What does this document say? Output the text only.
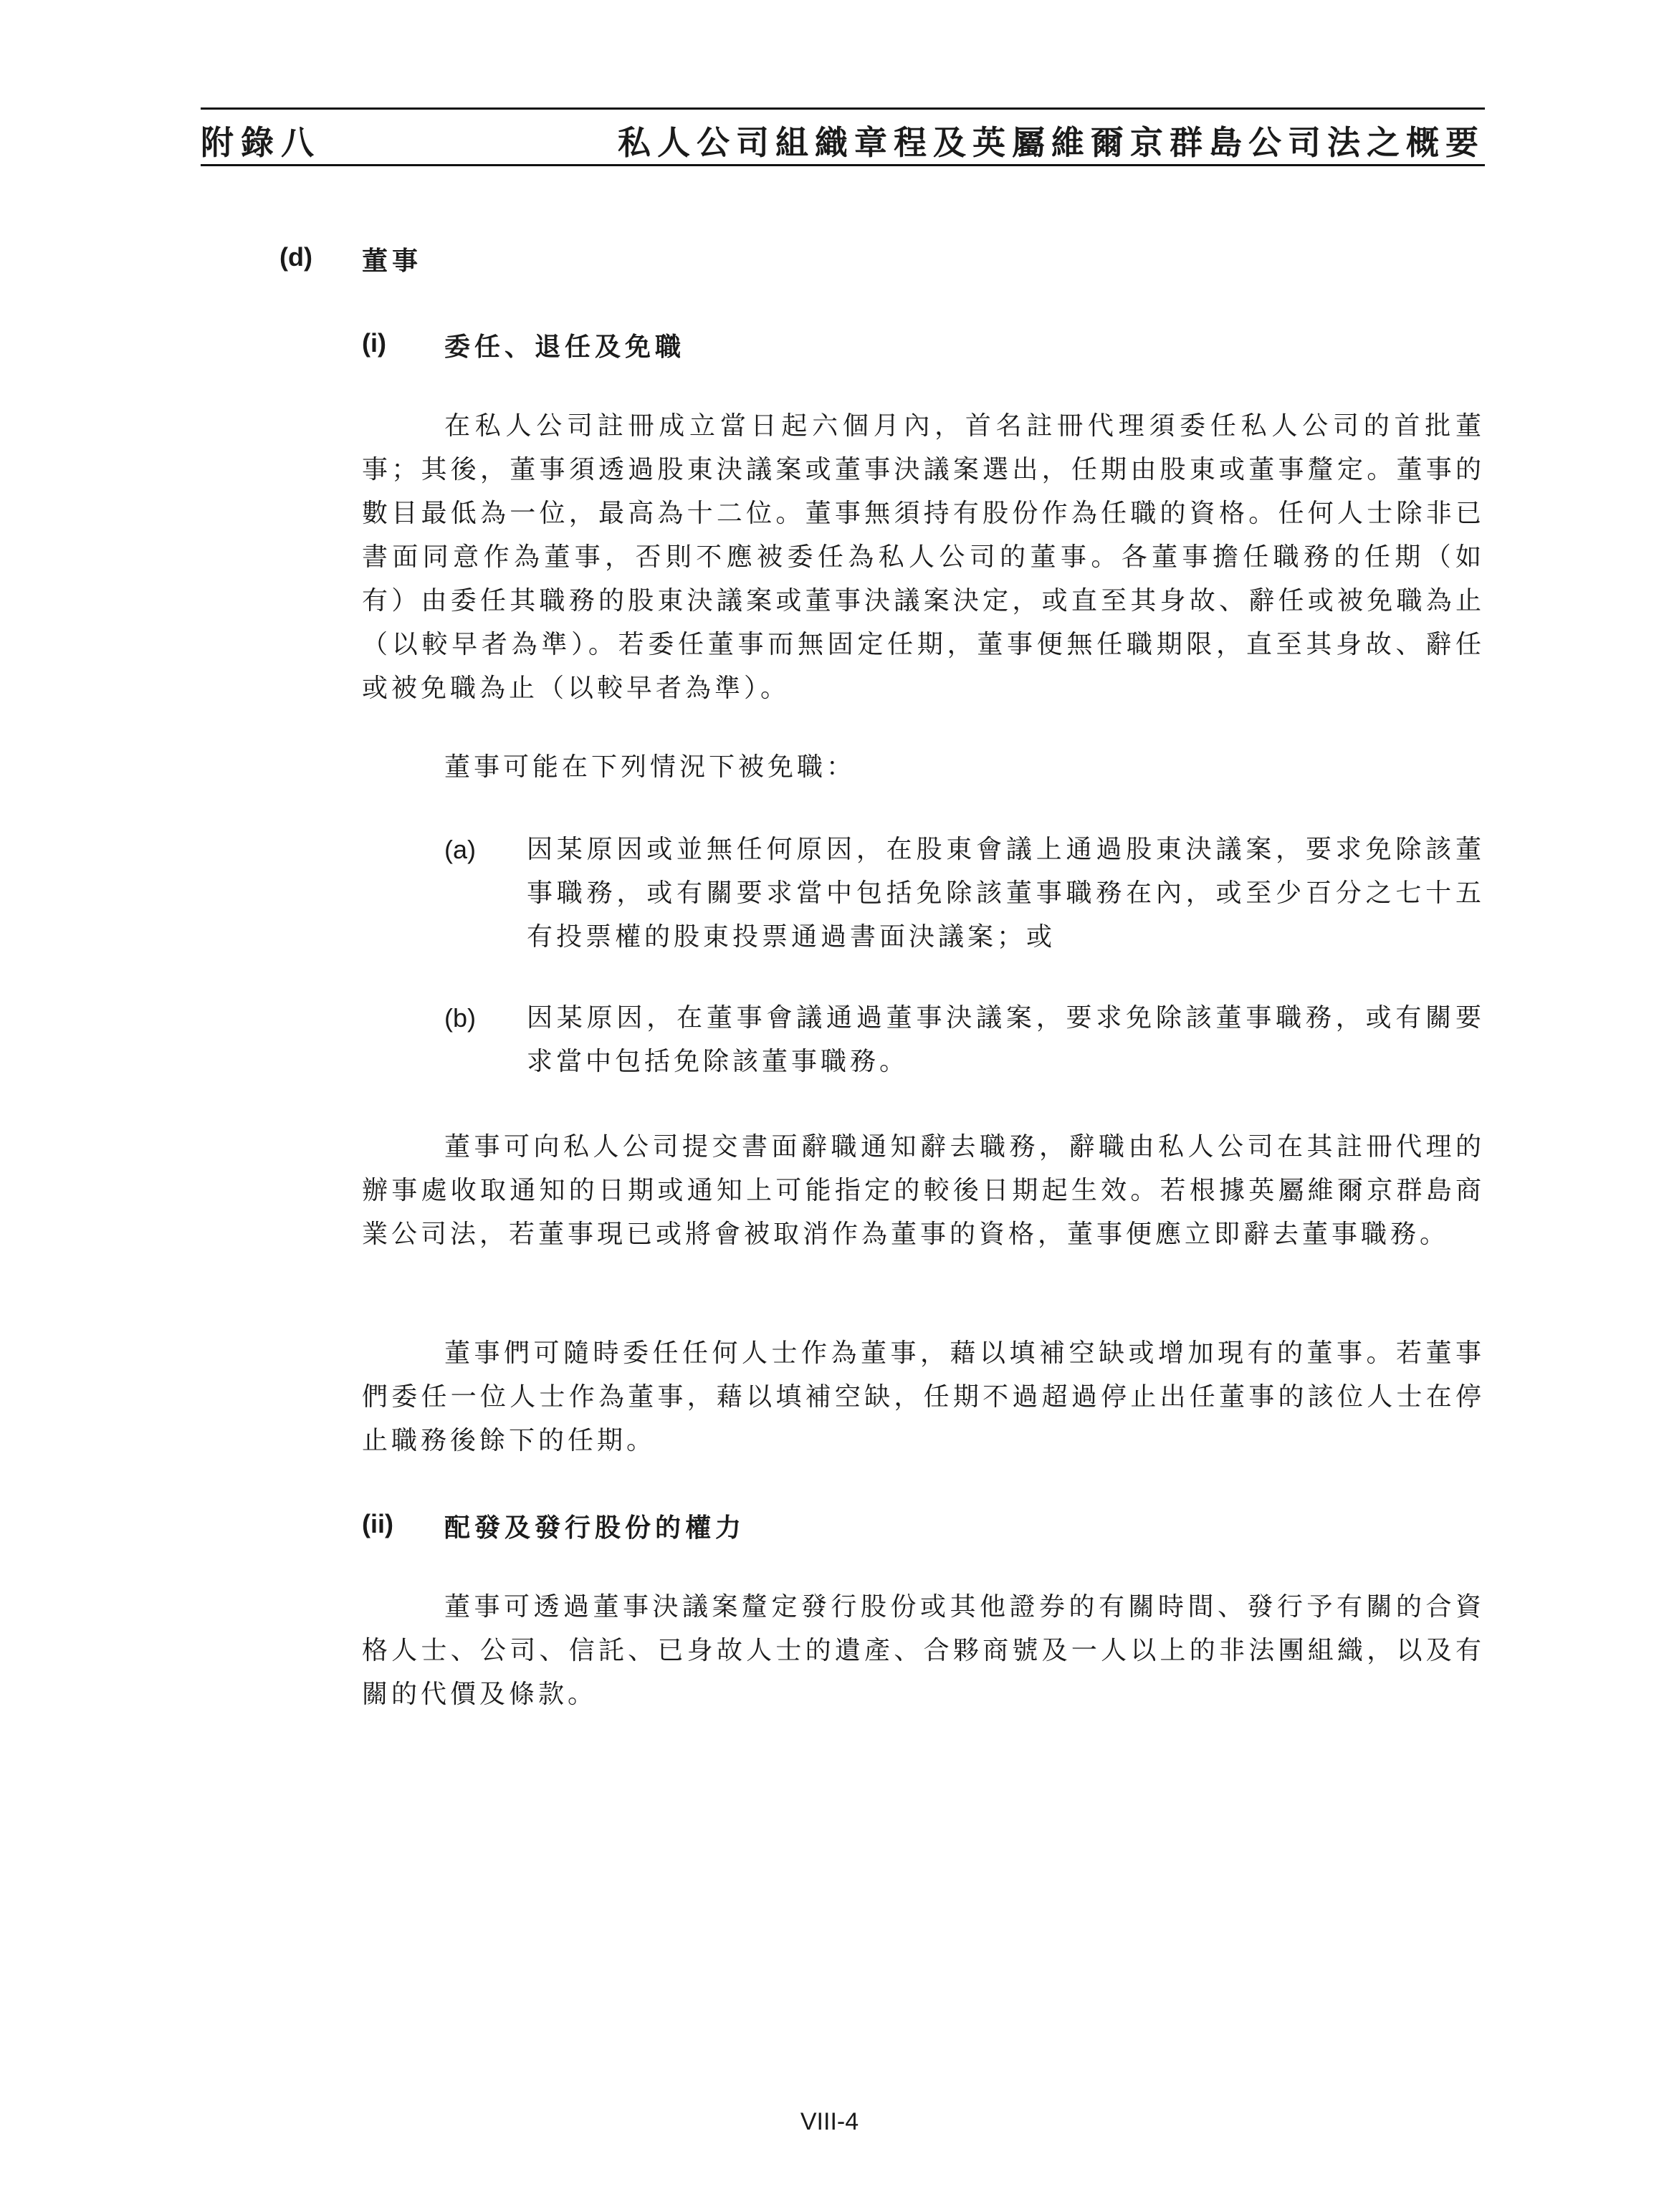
附錄八	私人公司組織章程及英屬維爾京群島公司法之概要
(d) 董事
(i) 委任、退任及免職

在私人公司註冊成立當日起六個月內，首名註冊代理須委任私人公司的首批董事；其後，董事須透過股東決議案或董事決議案選出，任期由股東或董事釐定。董事的數目最低為一位，最高為十二位。董事無須持有股份作為任職的資格。任何人士除非已書面同意作為董事，否則不應被委任為私人公司的董事。各董事擔任職務的任期（如有）由委任其職務的股東決議案或董事決議案決定，或直至其身故、辭任或被免職為止（以較早者為準）。若委任董事而無固定任期，董事便無任職期限，直至其身故、辭任或被免職為止（以較早者為準）。

董事可能在下列情況下被免職：

(a) 因某原因或並無任何原因，在股東會議上通過股東決議案，要求免除該董事職務，或有關要求當中包括免除該董事職務在內，或至少百分之七十五有投票權的股東投票通過書面決議案；或

(b) 因某原因，在董事會議通過董事決議案，要求免除該董事職務，或有關要求當中包括免除該董事職務。

董事可向私人公司提交書面辭職通知辭去職務，辭職由私人公司在其註冊代理的辦事處收取通知的日期或通知上可能指定的較後日期起生效。若根據英屬維爾京群島商業公司法，若董事現已或將會被取消作為董事的資格，董事便應立即辭去董事職務。

董事們可隨時委任任何人士作為董事，藉以填補空缺或增加現有的董事。若董事們委任一位人士作為董事，藉以填補空缺，任期不過超過停止出任董事的該位人士在停止職務後餘下的任期。

(ii) 配發及發行股份的權力

董事可透過董事決議案釐定發行股份或其他證券的有關時間、發行予有關的合資格人士、公司、信託、已身故人士的遺產、合夥商號及一人以上的非法團組織，以及有關的代價及條款。

VIII-4
